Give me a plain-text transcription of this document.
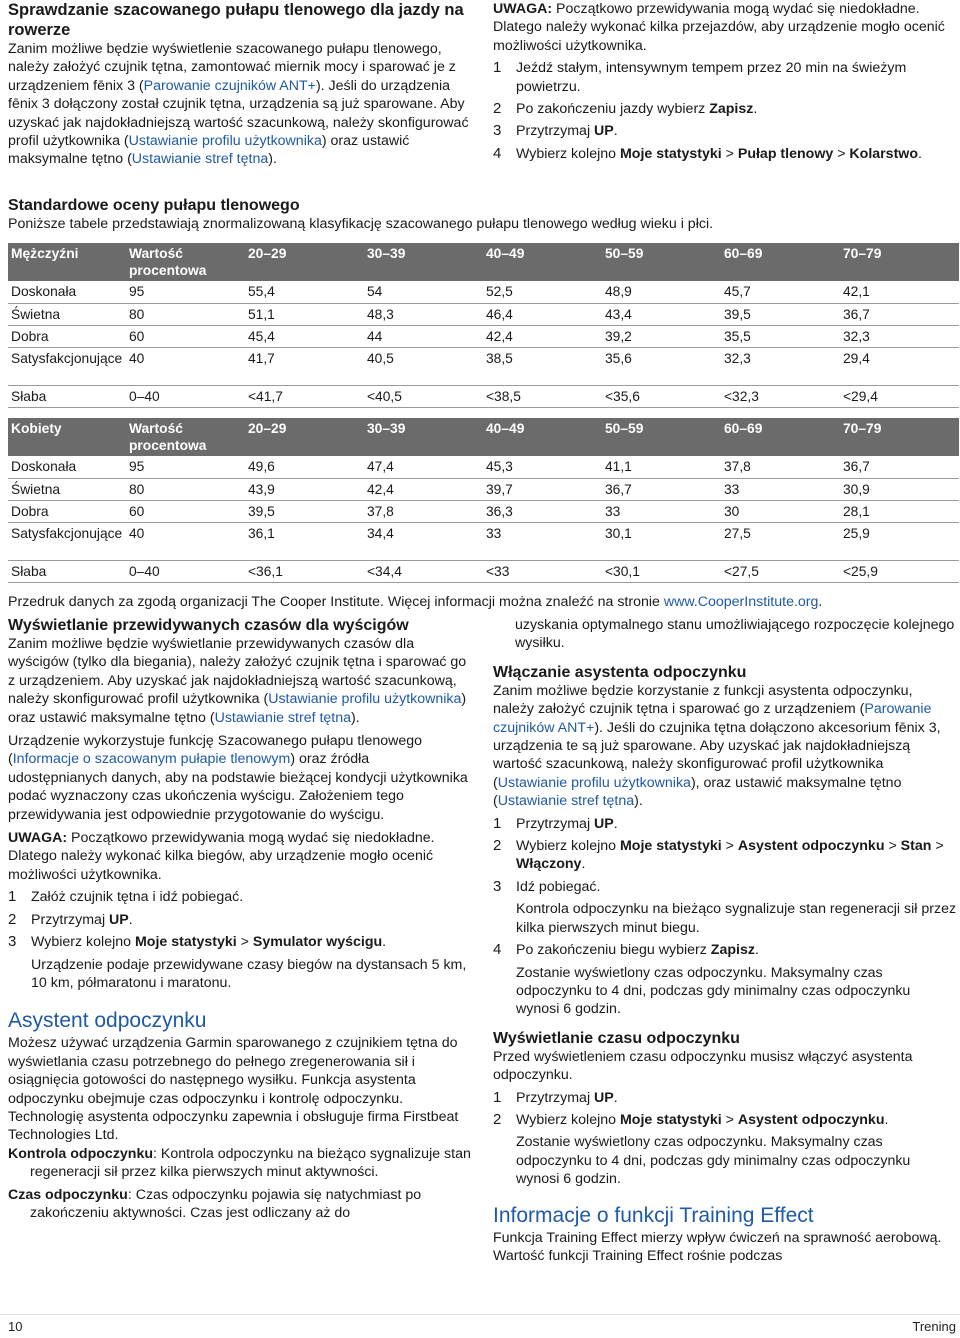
Sprawdzanie szacowanego pułapu tlenowego dla jazdy na rowerze

Zanim możliwe będzie wyświetlenie szacowanego pułapu tlenowego, należy założyć czujnik tętna, zamontować miernik mocy i sparować je z urządzeniem fēnix 3 (Parowanie czujników ANT+). Jeśli do urządzenia fēnix 3 dołączony został czujnik tętna, urządzenia są już sparowane. Aby uzyskać jak najdokładniejszą wartość szacunkową, należy skonfigurować profil użytkownika (Ustawianie profilu użytkownika) oraz ustawić maksymalne tętno (Ustawianie stref tętna).

UWAGA: Początkowo przewidywania mogą wydać się niedokładne. Dlatego należy wykonać kilka przejazdów, aby urządzenie mogło ocenić możliwości użytkownika.

1 Jeźdź stałym, intensywnym tempem przez 20 min na świeżym powietrzu.
2 Po zakończeniu jazdy wybierz Zapisz.
3 Przytrzymaj UP.
4 Wybierz kolejno Moje statystyki > Pułap tlenowy > Kolarstwo.
Standardowe oceny pułapu tlenowego

Poniższe tabele przedstawiają znormalizowaną klasyfikację szacowanego pułapu tlenowego według wieku i płci.

Mężczyźni	Wartość procentowa	20–29	30–39	40–49	50–59	60–69	70–79
Doskonała	95	55,4	54	52,5	48,9	45,7	42,1
Świetna	80	51,1	48,3	46,4	43,4	39,5	36,7
Dobra	60	45,4	44	42,4	39,2	35,5	32,3
Satysfakcjonujące	40	41,7	40,5	38,5	35,6	32,3	29,4
Słaba	0–40	<41,7	<40,5	<38,5	<35,6	<32,3	<29,4
Kobiety	Wartość procentowa	20–29	30–39	40–49	50–59	60–69	70–79
Doskonała	95	49,6	47,4	45,3	41,1	37,8	36,7
Świetna	80	43,9	42,4	39,7	36,7	33	30,9
Dobra	60	39,5	37,8	36,3	33	30	28,1
Satysfakcjonujące	40	36,1	34,4	33	30,1	27,5	25,9
Słaba	0–40	<36,1	<34,4	<33	<30,1	<27,5	<25,9

Przedruk danych za zgodą organizacji The Cooper Institute. Więcej informacji można znaleźć na stronie www.CooperInstitute.org.

Wyświetlanie przewidywanych czasów dla wyścigów

Zanim możliwe będzie wyświetlanie przewidywanych czasów dla wyścigów (tylko dla biegania), należy założyć czujnik tętna i sparować go z urządzeniem. Aby uzyskać jak najdokładniejszą wartość szacunkową, należy skonfigurować profil użytkownika (Ustawianie profilu użytkownika) oraz ustawić maksymalne tętno (Ustawianie stref tętna).

Urządzenie wykorzystuje funkcję Szacowanego pułapu tlenowego (Informacje o szacowanym pułapie tlenowym) oraz źródła udostępnianych danych, aby na podstawie bieżącej kondycji użytkownika podać wyznaczony czas ukończenia wyścigu. Założeniem tego przewidywania jest odpowiednie przygotowanie do wyścigu.

UWAGA: Początkowo przewidywania mogą wydać się niedokładne. Dlatego należy wykonać kilka biegów, aby urządzenie mogło ocenić możliwości użytkownika.

1 Załóż czujnik tętna i idź pobiegać.
2 Przytrzymaj UP.
3 Wybierz kolejno Moje statystyki > Symulator wyścigu.

Urządzenie podaje przewidywane czasy biegów na dystansach 5 km, 10 km, półmaratonu i maratonu.

Asystent odpoczynku

Możesz używać urządzenia Garmin sparowanego z czujnikiem tętna do wyświetlania czasu potrzebnego do pełnego zregenerowania sił i osiągnięcia gotowości do następnego wysiłku. Funkcja asystenta odpoczynku obejmuje czas odpoczynku i kontrolę odpoczynku. Technologię asystenta odpoczynku zapewnia i obsługuje firma Firstbeat Technologies Ltd.

Kontrola odpoczynku: Kontrola odpoczynku na bieżąco sygnalizuje stan regeneracji sił przez kilka pierwszych minut aktywności.

Czas odpoczynku: Czas odpoczynku pojawia się natychmiast po zakończeniu aktywności. Czas jest odliczany aż do

uzyskania optymalnego stanu umożliwiającego rozpoczęcie kolejnego wysiłku.

Włączanie asystenta odpoczynku

Zanim możliwe będzie korzystanie z funkcji asystenta odpoczynku, należy założyć czujnik tętna i sparować go z urządzeniem (Parowanie czujników ANT+). Jeśli do czujnika tętna dołączono akcesorium fēnix 3, urządzenia te są już sparowane. Aby uzyskać jak najdokładniejszą wartość szacunkową, należy skonfigurować profil użytkownika (Ustawianie profilu użytkownika), oraz ustawić maksymalne tętno (Ustawianie stref tętna).

1 Przytrzymaj UP.
2 Wybierz kolejno Moje statystyki > Asystent odpoczynku > Stan > Włączony.
3 Idź pobiegać.

Kontrola odpoczynku na bieżąco sygnalizuje stan regeneracji sił przez kilka pierwszych minut biegu.

4 Po zakończeniu biegu wybierz Zapisz.

Zostanie wyświetlony czas odpoczynku. Maksymalny czas odpoczynku to 4 dni, podczas gdy minimalny czas odpoczynku wynosi 6 godzin.

Wyświetlanie czasu odpoczynku

Przed wyświetleniem czasu odpoczynku musisz włączyć asystenta odpoczynku.

1 Przytrzymaj UP.
2 Wybierz kolejno Moje statystyki > Asystent odpoczynku.

Zostanie wyświetlony czas odpoczynku. Maksymalny czas odpoczynku to 4 dni, podczas gdy minimalny czas odpoczynku wynosi 6 godzin.

Informacje o funkcji Training Effect

Funkcja Training Effect mierzy wpływ ćwiczeń na sprawność aerobową. Wartość funkcji Training Effect rośnie podczas

10	Trening
